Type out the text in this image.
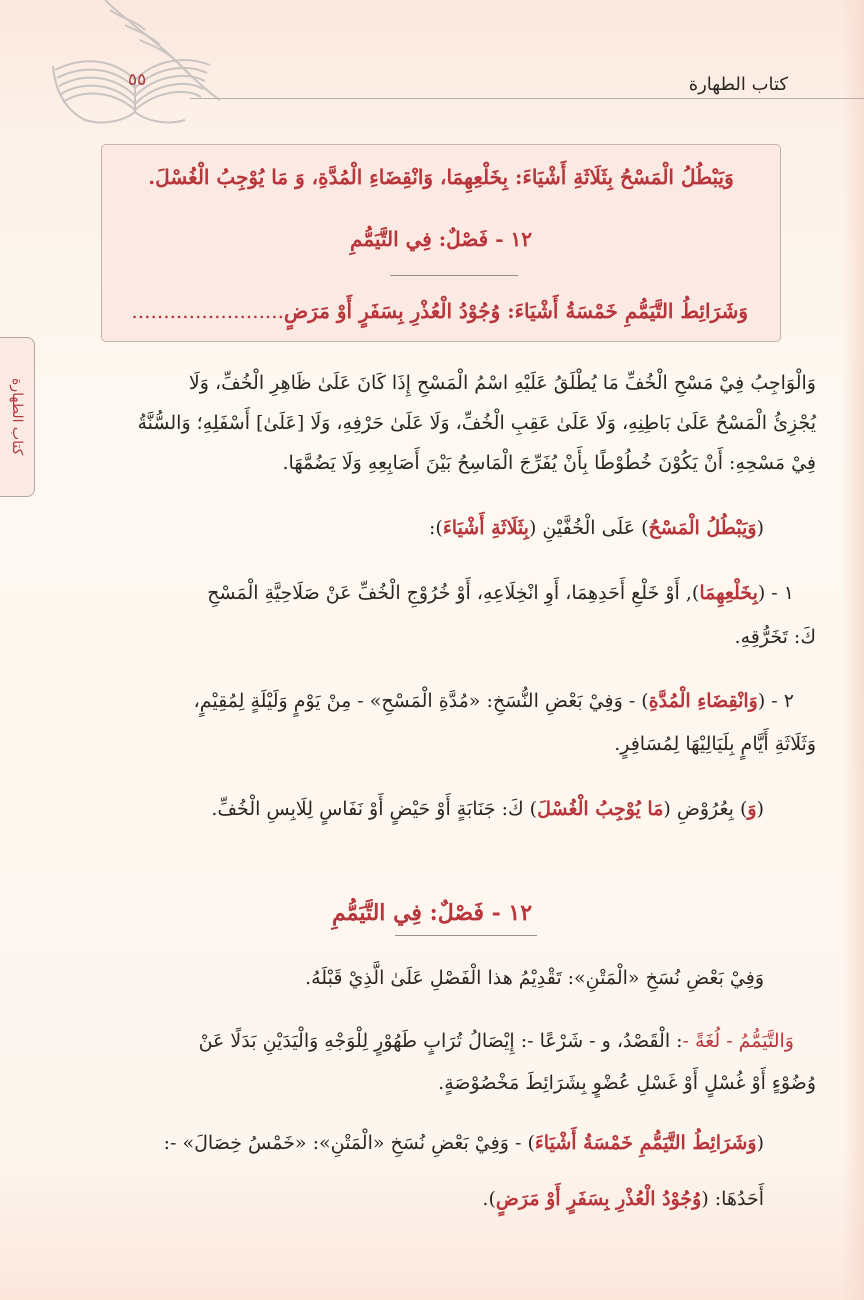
٥٥	كتاب الطهارة
كتاب الطهارة
وَيَبْطُلُ الْمَسْحُ بِثَلَاثَةِ أَشْيَاءَ: بِخَلْعِهِمَا، وَانْقِضَاءِ الْمُدَّةِ، وَ مَا يُوْجِبُ الْغُسْلَ.
١٢ - فَصْلٌ: فِي التَّيَمُّمِ
وَشَرَائِطُ التَّيَمُّمِ خَمْسَةُ أَشْيَاءَ: وُجُوْدُ الْعُذْرِ بِسَفَرٍ أَوْ مَرَضٍ........................
وَالْوَاجِبُ فِيْ مَسْحِ الْخُفِّ مَا يُطْلَقُ عَلَيْهِ اسْمُ الْمَسْحِ إِذَا كَانَ عَلَىٰ ظَاهِرِ الْخُفِّ، وَلَا
يُجْزِئُ الْمَسْحُ عَلَىٰ بَاطِنِهِ، وَلَا عَلَىٰ عَقِبِ الْخُفِّ، وَلَا عَلَىٰ حَرْفِهِ، وَلَا [عَلَىٰ] أَسْفَلِهِ؛ وَالسُّنَّةُ
فِيْ مَسْحِهِ: أَنْ يَكُوْنَ خُطُوْطًا بِأَنْ يُفَرِّجَ الْمَاسِحُ بَيْنَ أَصَابِعِهِ وَلَا يَضُمَّهَا.
(وَيَبْطُلُ الْمَسْحُ) عَلَى الْخُفَّيْنِ (بِثَلَاثَةِ أَشْيَاءَ):
١ - (بِخَلْعِهِمَا), أَوْ خَلْعِ أَحَدِهِمَا، أَوِ انْخِلَاعِهِ، أَوْ خُرُوْجِ الْخُفِّ عَنْ صَلَاحِيَّةِ الْمَسْحِ
كَ: تَخَرُّقِهِ.
٢ - (وَانْقِضَاءِ الْمُدَّةِ) - وَفِيْ بَعْضِ النُّسَخِ: «مُدَّةِ الْمَسْحِ» - مِنْ يَوْمٍ وَلَيْلَةٍ لِمُقِيْمٍ،
وَثَلَاثَةِ أَيَّامٍ بِلَيَالِيْهَا لِمُسَافِرٍ.
(وَ) بِعُرُوْضِ (مَا يُوْجِبُ الْغُسْلَ) كَ: جَنَابَةٍ أَوْ حَيْضٍ أَوْ نَفَاسٍ لِلَابِسِ الْخُفِّ.
١٢ - فَصْلٌ: فِي التَّيَمُّمِ
وَفِيْ بَعْضِ نُسَخِ «الْمَتْنِ»: تَقْدِيْمُ هذا الْفَصْلِ عَلَىٰ الَّذِيْ قَبْلَهُ.
وَالتَّيَمُّمُ - لُغَةً -: الْقَصْدُ، و - شَرْعًا -: إِيْصَالُ تُرَابٍ طَهُوْرٍ لِلْوَجْهِ وَالْيَدَيْنِ بَدَلًا عَنْ
وُضُوْءٍ أَوْ غُسْلٍ أَوْ غَسْلِ عُضْوٍ بِشَرَائِطَ مَخْصُوْصَةٍ.
(وَشَرَائِطُ التَّيَمُّمِ خَمْسَةُ أَشْيَاءَ) - وَفِيْ بَعْضِ نُسَخِ «الْمَتْنِ»: «خَمْسُ خِصَالَ» -:
أَحَدُهَا: (وُجُوْدُ الْعُذْرِ بِسَفَرٍ أَوْ مَرَضٍ).
